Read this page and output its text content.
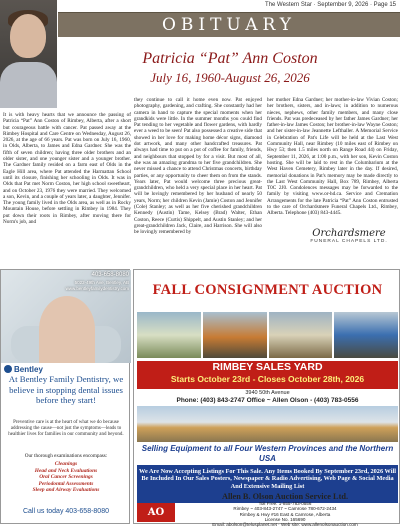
The Western Star · September 9, 2026 · Page 15
OBITUARY
Patricia “Pat” Ann Coston
July 16, 1960-August 26, 2026
It is with heavy hearts that we announce the passing of Patricia “Pat” Ann Coston of Rimbey, Alberta, after a short but courageous battle with cancer. Pat passed away at the Rimbey Hospital and Care Centre on Wednesday, August 26, 2026, at the age of 66 years. Pat was born on July 16, 1960, in Olds, Alberta, to James and Edna Gardner. She was the fifth of seven children; having three older brothers and an older sister, and one younger sister and a younger brother. The Gardner family resided on a farm east of Olds in the Eagle Hill area, where Pat attended the Harmattan School until its closure, finishing her schooling in Olds. It was in Olds that Pat met Norm Coston, her high school sweetheart, and on October 23, 1976 they were married. They welcomed a son, Kevin, and a couple of years later, a daughter, Jennifer. The young family lived in the Olds area, as well as in Rocky Mountain House, before settling in Rimbey in 1984. They put down their roots in Rimbey, after moving there for Norm's job, and
they continue to call it home even now. Pat enjoyed photography, gardening, and crafting. She constantly had her camera in hand to capture the special moments when her grandkids were little. In the summer months you could find Pat tending to her vegetable and flower gardens, with hardly ever a weed to be seen! Pat also possessed a creative side that showed in her love for making home décor signs, diamond dot artwork, and many other handcrafted treasures. Pat always had time to put on a pot of coffee for family, friends, and neighbours that stopped by for a visit. But most of all, she was an amazing grandma to her five grandchildren. She never missed a chance to attend Christmas concerts, birthday parties, or any opportunity to cheer them on from the stands. Years later, Pat would welcome three precious great-grandchildren, who held a very special place in her heart. Pat will be lovingly remembered by her husband of nearly 50 years, Norm; her children Kevin (Jamie) Coston and Jennifer (Cole) Stanley; as well as her five cherished grandchildren Kennedy (Austin) Tame, Kelsey (Brad) Walter, Ethan Coston, Reece (Curtis) Shippelt, and Austin Stanley; and her great-grandchildren Jack, Claire, and Harrison. She will also be lovingly remembered by
her mother Edna Gardner; her mother-in-law Vivian Coston; her brothers, sisters, and in-laws; in addition to numerous nieces, nephews, other family members, and many close friends. Pat was predeceased by her father James Gardner; her father-in-law James Coston; her brother-in-law Wayne Coston; and her sister-in-law Jeannette Lefthaller. A Memorial Service in Celebration of Pat's Life will be held at the Last West Community Hall, near Rimbey (10 miles east of Rimbey on Hwy 53; then 1.5 miles north on Range Road 44) on Friday, September 11, 2026, at 1:00 p.m., with her son, Kevin Coston hosting. She will be laid to rest in the Columbarium at the West Haven Cemetery, Rimbey later in the day. If desired, memorial donations in Pat's memory may be made directly to the Last West Community Hall, Box 789, Rimbey, Alberta T0C 2J0. Condolences messages may be forwarded to the family by visiting www.or-hd.ca. Service and Cremation Arrangements for the late Patricia “Pat” Ann Coston entrusted to the care of Orchardsmere Funeral Chapels Ltd., Rimbey, Alberta. Telephone (403) 843-4445.
403-658-8080
5022-49th Ave, Bentley, AB
www.bentleyfamilydentistry.com
Bentley
At Bentley Family Dentistry, we believe in stopping dental issues before they start!
Preventive care is at the heart of what we do because addressing the cause—not just the symptoms—leads to healthier lives for families in our community and beyond.
Our thorough examinations encompass:
Cleanings
Head and Neck Evaluations
Oral Cancer Screenings
Periodontal Assessments
Sleep and Airway Evaluations
Call us today 403-658-8080
FALL CONSIGNMENT AUCTION
RIMBEY SALES YARD
Starts October 23rd - Closes October 28th, 2026
3940 50th Avenue
Phone: (403) 843-2747 Office ~ Allen Olson - (403) 783-0556
Selling Equipment to all Four Western Provinces and the Northern USA
We Are Now Accepting Listings For This Sale. Any Items Booked By September 23rd, 2026 Will Be Included In Our Sales Posters, Newspaper & Radio Advertising, Web Page & Social Media And Extensive Mailing List
AO
Allen B. Olson Auction Service Ltd.
Toll Free: 1-855-783-0556
Rimbey ~ 403-843-2747 ~ Camrose 780-672-2434
Rimbey & Hwy #16 East & Camrose, Alberta
License No. 165690
Email: abolson@telusplanet.net · Web site: www.allenolsonauction.com
Orchardsmere
FUNERAL CHAPELS LTD.
